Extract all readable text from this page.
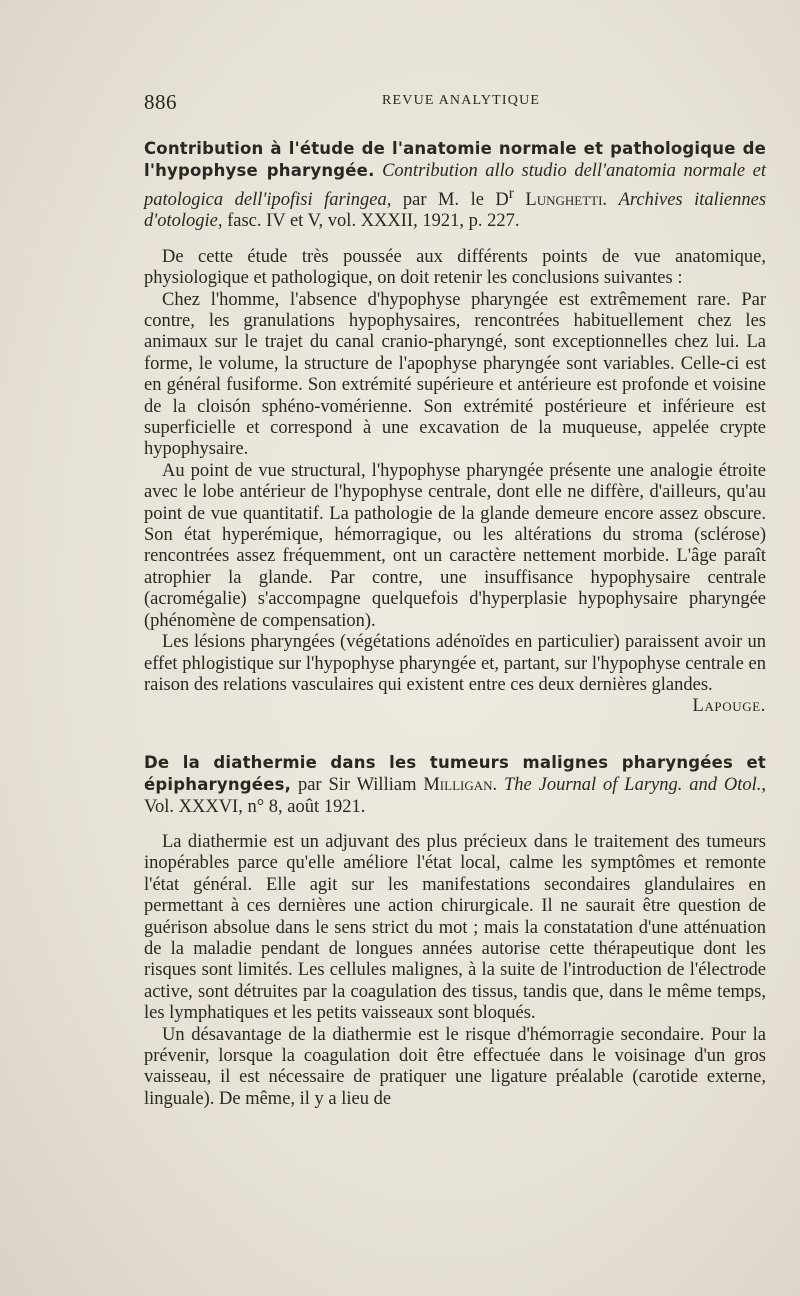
886	REVUE ANALYTIQUE

Contribution à l'étude de l'anatomie normale et pathologique de l'hypophyse pharyngée. Contribution allo studio dell'anatomia normale et patologica dell'ipofisi faringea, par M. le $D^r$ Lunghetti. Archives italiennes d'otologie, fasc. IV et V, vol. XXXII, 1921, p. 227.

De cette étude très poussée aux différents points de vue anatomique, physiologique et pathologique, on doit retenir les conclusions suivantes :

Chez l'homme, l'absence d'hypophyse pharyngée est extrêmement rare. Par contre, les granulations hypophysaires, rencontrées habituellement chez les animaux sur le trajet du canal cranio-pharyngé, sont exceptionnelles chez lui. La forme, le volume, la structure de l'apophyse pharyngée sont variables. Celle-ci est en général fusiforme. Son extrémité supérieure et antérieure est profonde et voisine de la cloisón sphéno-vomérienne. Son extrémité postérieure et inférieure est superficielle et correspond à une excavation de la muqueuse, appelée crypte hypophysaire.

Au point de vue structural, l'hypophyse pharyngée présente une analogie étroite avec le lobe antérieur de l'hypophyse centrale, dont elle ne diffère, d'ailleurs, qu'au point de vue quantitatif. La pathologie de la glande demeure encore assez obscure. Son état hyperémique, hémorragique, ou les altérations du stroma (sclérose) rencontrées assez fréquemment, ont un caractère nettement morbide. L'âge paraît atrophier la glande. Par contre, une insuffisance hypophysaire centrale (acromégalie) s'accompagne quelquefois d'hyperplasie hypophysaire pharyngée (phénomène de compensation).

Les lésions pharyngées (végétations adénoïdes en particulier) paraissent avoir un effet phlogistique sur l'hypophyse pharyngée et, partant, sur l'hypophyse centrale en raison des relations vasculaires qui existent entre ces deux dernières glandes.

Lapouge.

De la diathermie dans les tumeurs malignes pharyngées et épipharyngées, par Sir William Milligan. The Journal of Laryng. and Otol., Vol. XXXVI, n° 8, août 1921.

La diathermie est un adjuvant des plus précieux dans le traitement des tumeurs inopérables parce qu'elle améliore l'état local, calme les symptômes et remonte l'état général. Elle agit sur les manifestations secondaires glandulaires en permettant à ces dernières une action chirurgicale. Il ne saurait être question de guérison absolue dans le sens strict du mot ; mais la constatation d'une atténuation de la maladie pendant de longues années autorise cette thérapeutique dont les risques sont limités. Les cellules malignes, à la suite de l'introduction de l'électrode active, sont détruites par la coagulation des tissus, tandis que, dans le même temps, les lymphatiques et les petits vaisseaux sont bloqués.

Un désavantage de la diathermie est le risque d'hémorragie secondaire. Pour la prévenir, lorsque la coagulation doit être effectuée dans le voisinage d'un gros vaisseau, il est nécessaire de pratiquer une ligature préalable (carotide externe, linguale). De même, il y a lieu de
